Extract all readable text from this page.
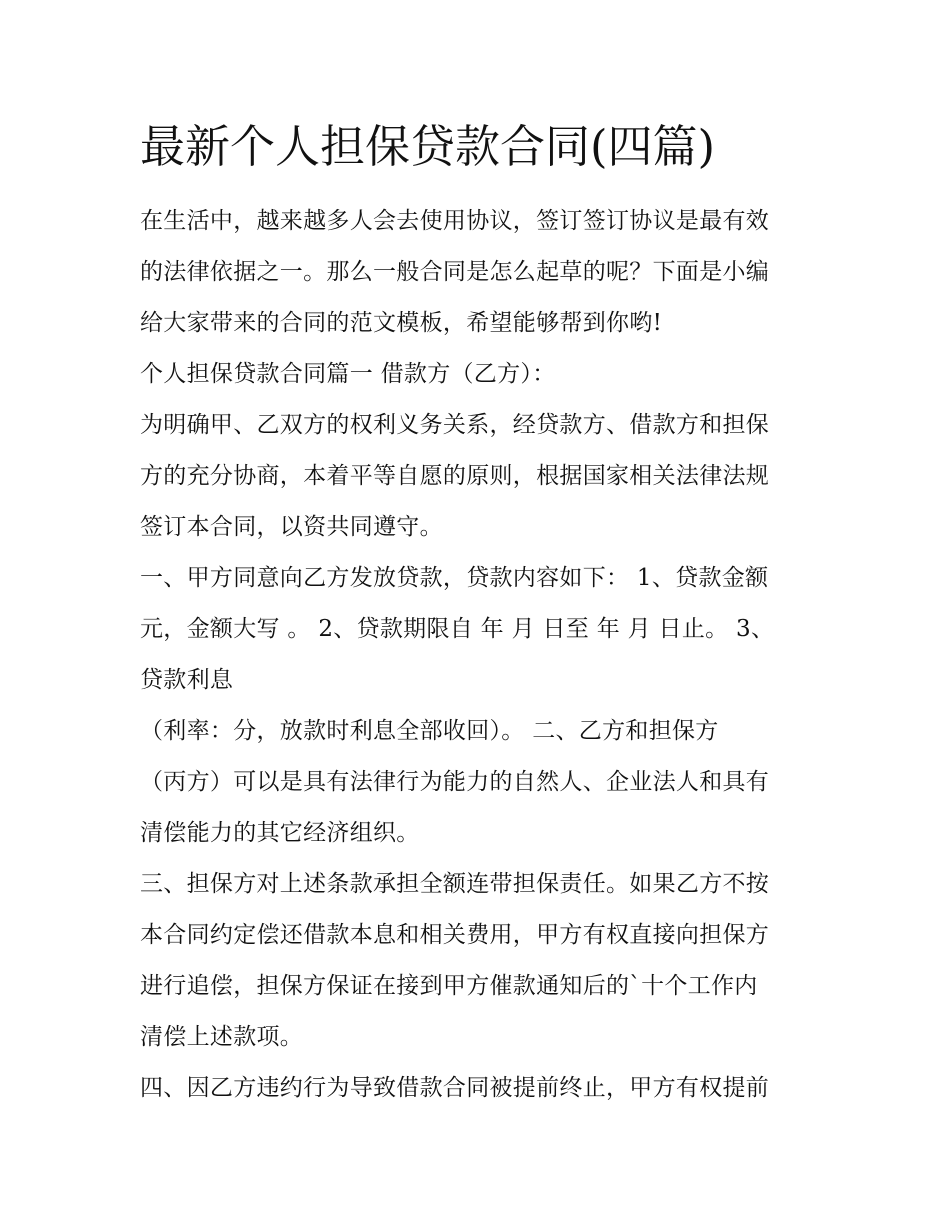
最新个人担保贷款合同(四篇)
在生活中，越来越多人会去使用协议，签订签订协议是最有效
的法律依据之一。那么一般合同是怎么起草的呢？下面是小编
给大家带来的合同的范文模板，希望能够帮到你哟!
个人担保贷款合同篇一 借款方（乙方）：
为明确甲、乙双方的权利义务关系，经贷款方、借款方和担保
方的充分协商，本着平等自愿的原则，根据国家相关法律法规
签订本合同，以资共同遵守。
一、甲方同意向乙方发放贷款，贷款内容如下： 1、贷款金额
元，金额大写 。 2、贷款期限自 年 月 日至 年 月 日止。 3、
贷款利息
（利率：分，放款时利息全部收回）。 二、乙方和担保方
（丙方）可以是具有法律行为能力的自然人、企业法人和具有
清偿能力的其它经济组织。
三、担保方对上述条款承担全额连带担保责任。如果乙方不按
本合同约定偿还借款本息和相关费用，甲方有权直接向担保方
进行追偿，担保方保证在接到甲方催款通知后的`十个工作内
清偿上述款项。
四、因乙方违约行为导致借款合同被提前终止，甲方有权提前
